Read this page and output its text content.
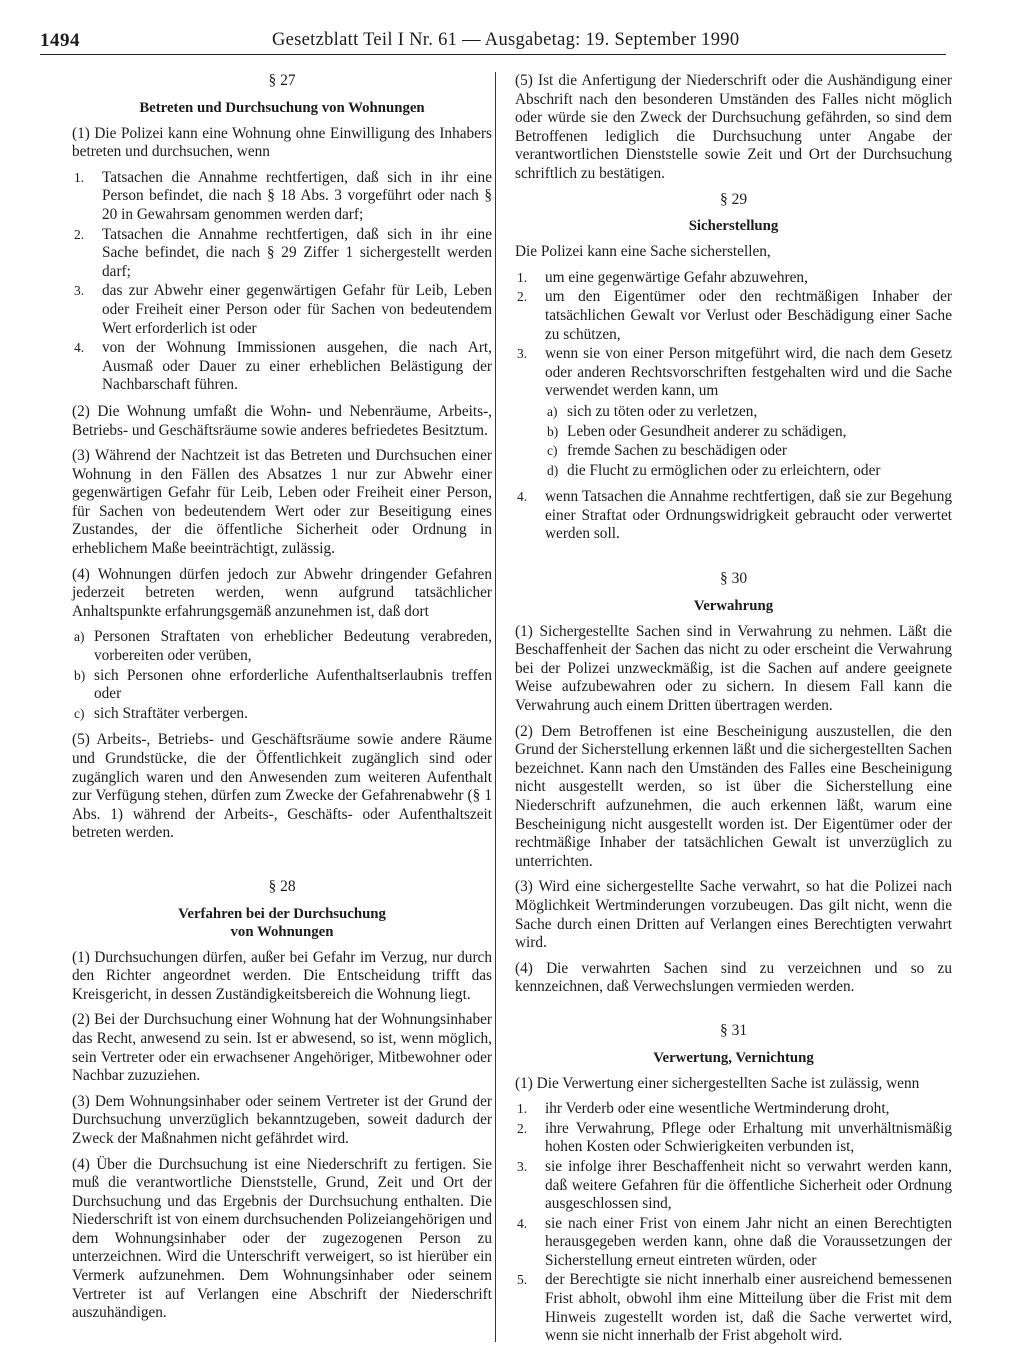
1494	Gesetzblatt Teil I Nr. 61 — Ausgabetag: 19. September 1990
§ 27
Betreten und Durchsuchung von Wohnungen

(1) Die Polizei kann eine Wohnung ohne Einwilligung des Inhabers betreten und durchsuchen, wenn

1. Tatsachen die Annahme rechtfertigen, daß sich in ihr eine Person befindet, die nach § 18 Abs. 3 vorgeführt oder nach § 20 in Gewahrsam genommen werden darf;
2. Tatsachen die Annahme rechtfertigen, daß sich in ihr eine Sache befindet, die nach § 29 Ziffer 1 sichergestellt werden darf;
3. das zur Abwehr einer gegenwärtigen Gefahr für Leib, Leben oder Freiheit einer Person oder für Sachen von bedeutendem Wert erforderlich ist oder
4. von der Wohnung Immissionen ausgehen, die nach Art, Ausmaß oder Dauer zu einer erheblichen Belästigung der Nachbarschaft führen.

(2) Die Wohnung umfaßt die Wohn- und Nebenräume, Arbeits-, Betriebs- und Geschäftsräume sowie anderes befriedetes Besitztum.

(3) Während der Nachtzeit ist das Betreten und Durchsuchen einer Wohnung in den Fällen des Absatzes 1 nur zur Abwehr einer gegenwärtigen Gefahr für Leib, Leben oder Freiheit einer Person, für Sachen von bedeutendem Wert oder zur Beseitigung eines Zustandes, der die öffentliche Sicherheit oder Ordnung in erheblichem Maße beeinträchtigt, zulässig.

(4) Wohnungen dürfen jedoch zur Abwehr dringender Gefahren jederzeit betreten werden, wenn aufgrund tatsächlicher Anhaltspunkte erfahrungsgemäß anzunehmen ist, daß dort

a) Personen Straftaten von erheblicher Bedeutung verabreden, vorbereiten oder verüben,
b) sich Personen ohne erforderliche Aufenthaltserlaubnis treffen oder
c) sich Straftäter verbergen.

(5) Arbeits-, Betriebs- und Geschäftsräume sowie andere Räume und Grundstücke, die der Öffentlichkeit zugänglich sind oder zugänglich waren und den Anwesenden zum weiteren Aufenthalt zur Verfügung stehen, dürfen zum Zwecke der Gefahrenabwehr (§ 1 Abs. 1) während der Arbeits-, Geschäfts- oder Aufenthaltszeit betreten werden.

§ 28
Verfahren bei der Durchsuchung
von Wohnungen

(1) Durchsuchungen dürfen, außer bei Gefahr im Verzug, nur durch den Richter angeordnet werden. Die Entscheidung trifft das Kreisgericht, in dessen Zuständigkeitsbereich die Wohnung liegt.

(2) Bei der Durchsuchung einer Wohnung hat der Wohnungsinhaber das Recht, anwesend zu sein. Ist er abwesend, so ist, wenn möglich, sein Vertreter oder ein erwachsener Angehöriger, Mitbewohner oder Nachbar zuzuziehen.

(3) Dem Wohnungsinhaber oder seinem Vertreter ist der Grund der Durchsuchung unverzüglich bekanntzugeben, soweit dadurch der Zweck der Maßnahmen nicht gefährdet wird.

(4) Über die Durchsuchung ist eine Niederschrift zu fertigen. Sie muß die verantwortliche Dienststelle, Grund, Zeit und Ort der Durchsuchung und das Ergebnis der Durchsuchung enthalten. Die Niederschrift ist von einem durchsuchenden Polizeiangehörigen und dem Wohnungsinhaber oder der zugezogenen Person zu unterzeichnen. Wird die Unterschrift verweigert, so ist hierüber ein Vermerk aufzunehmen. Dem Wohnungsinhaber oder seinem Vertreter ist auf Verlangen eine Abschrift der Niederschrift auszuhändigen.

(5) Ist die Anfertigung der Niederschrift oder die Aushändigung einer Abschrift nach den besonderen Umständen des Falles nicht möglich oder würde sie den Zweck der Durchsuchung gefährden, so sind dem Betroffenen lediglich die Durchsuchung unter Angabe der verantwortlichen Dienststelle sowie Zeit und Ort der Durchsuchung schriftlich zu bestätigen.

§ 29
Sicherstellung

Die Polizei kann eine Sache sicherstellen,

1. um eine gegenwärtige Gefahr abzuwehren,
2. um den Eigentümer oder den rechtmäßigen Inhaber der tatsächlichen Gewalt vor Verlust oder Beschädigung einer Sache zu schützen,
3. wenn sie von einer Person mitgeführt wird, die nach dem Gesetz oder anderen Rechtsvorschriften festgehalten wird und die Sache verwendet werden kann, um
a) sich zu töten oder zu verletzen,
b) Leben oder Gesundheit anderer zu schädigen,
c) fremde Sachen zu beschädigen oder
d) die Flucht zu ermöglichen oder zu erleichtern, oder
4. wenn Tatsachen die Annahme rechtfertigen, daß sie zur Begehung einer Straftat oder Ordnungswidrigkeit gebraucht oder verwertet werden soll.
§ 30
Verwahrung

(1) Sichergestellte Sachen sind in Verwahrung zu nehmen. Läßt die Beschaffenheit der Sachen das nicht zu oder erscheint die Verwahrung bei der Polizei unzweckmäßig, ist die Sachen auf andere geeignete Weise aufzubewahren oder zu sichern. In diesem Fall kann die Verwahrung auch einem Dritten übertragen werden.

(2) Dem Betroffenen ist eine Bescheinigung auszustellen, die den Grund der Sicherstellung erkennen läßt und die sichergestellten Sachen bezeichnet. Kann nach den Umständen des Falles eine Bescheinigung nicht ausgestellt werden, so ist über die Sicherstellung eine Niederschrift aufzunehmen, die auch erkennen läßt, warum eine Bescheinigung nicht ausgestellt worden ist. Der Eigentümer oder der rechtmäßige Inhaber der tatsächlichen Gewalt ist unverzüglich zu unterrichten.

(3) Wird eine sichergestellte Sache verwahrt, so hat die Polizei nach Möglichkeit Wertminderungen vorzubeugen. Das gilt nicht, wenn die Sache durch einen Dritten auf Verlangen eines Berechtigten verwahrt wird.

(4) Die verwahrten Sachen sind zu verzeichnen und so zu kennzeichnen, daß Verwechslungen vermieden werden.

§ 31
Verwertung, Vernichtung

(1) Die Verwertung einer sichergestellten Sache ist zulässig, wenn

1. ihr Verderb oder eine wesentliche Wertminderung droht,
2. ihre Verwahrung, Pflege oder Erhaltung mit unverhältnismäßig hohen Kosten oder Schwierigkeiten verbunden ist,
3. sie infolge ihrer Beschaffenheit nicht so verwahrt werden kann, daß weitere Gefahren für die öffentliche Sicherheit oder Ordnung ausgeschlossen sind,
4. sie nach einer Frist von einem Jahr nicht an einen Berechtigten herausgegeben werden kann, ohne daß die Voraussetzungen der Sicherstellung erneut eintreten würden, oder
5. der Berechtigte sie nicht innerhalb einer ausreichend bemessenen Frist abholt, obwohl ihm eine Mitteilung über die Frist mit dem Hinweis zugestellt worden ist, daß die Sache verwertet wird, wenn sie nicht innerhalb der Frist abgeholt wird.
